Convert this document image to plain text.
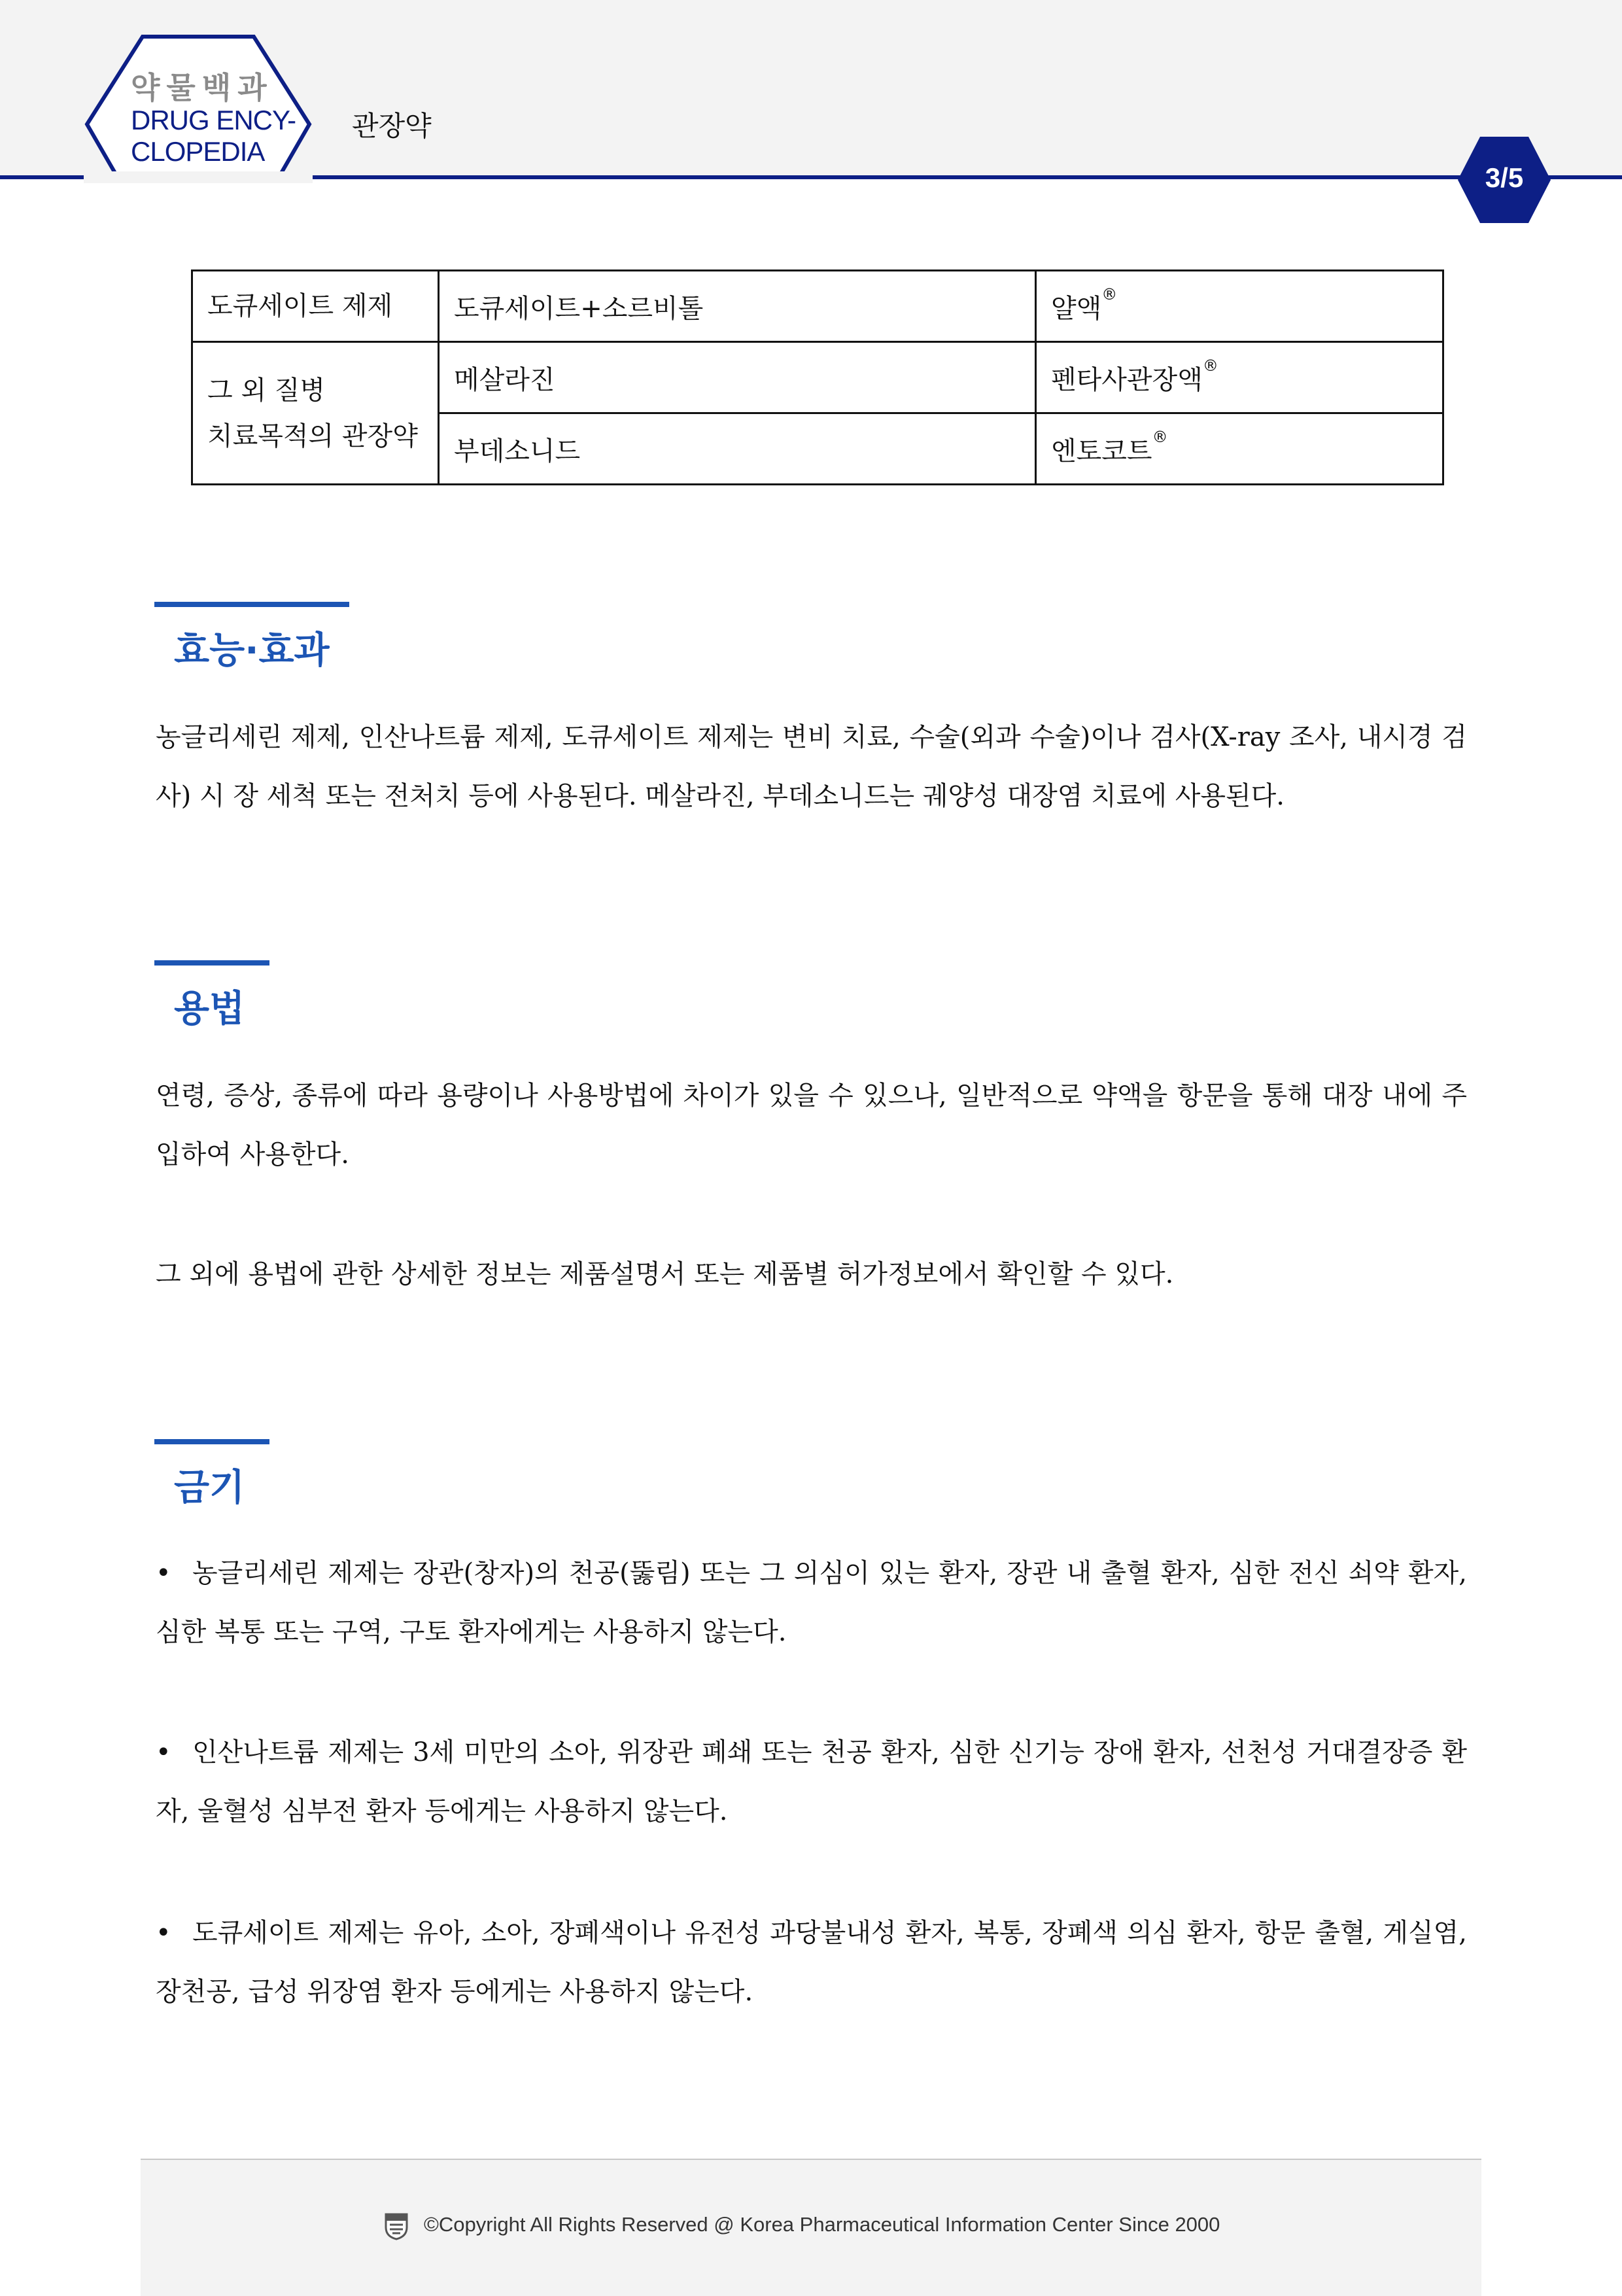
약물백과
DRUG ENCY-
CLOPEDIA
관장약
3/5
도큐세이트 제제	도큐세이트+소르비톨	얄액®

그 외 질병
치료목적의 관장약	메살라진	펜타사관장액®
	부데소니드	엔토코트®
효능·효과
농글리세린 제제, 인산나트륨 제제, 도큐세이트 제제는 변비 치료, 수술(외과 수술)이나 검사(X-ray 조사, 내시경 검사) 시 장 세척 또는 전처치 등에 사용된다. 메살라진, 부데소니드는 궤양성 대장염 치료에 사용된다.
용법
연령, 증상, 종류에 따라 용량이나 사용방법에 차이가 있을 수 있으나, 일반적으로 약액을 항문을 통해 대장 내에 주입하여 사용한다.
그 외에 용법에 관한 상세한 정보는 제품설명서 또는 제품별 허가정보에서 확인할 수 있다.
금기
• 농글리세린 제제는 장관(창자)의 천공(뚫림) 또는 그 의심이 있는 환자, 장관 내 출혈 환자, 심한 전신 쇠약 환자, 심한 복통 또는 구역, 구토 환자에게는 사용하지 않는다.
• 인산나트륨 제제는 3세 미만의 소아, 위장관 폐쇄 또는 천공 환자, 심한 신기능 장애 환자, 선천성 거대결장증 환자, 울혈성 심부전 환자 등에게는 사용하지 않는다.
• 도큐세이트 제제는 유아, 소아, 장폐색이나 유전성 과당불내성 환자, 복통, 장폐색 의심 환자, 항문 출혈, 게실염, 장천공, 급성 위장염 환자 등에게는 사용하지 않는다.
©Copyright All Rights Reserved @ Korea Pharmaceutical Information Center Since 2000
